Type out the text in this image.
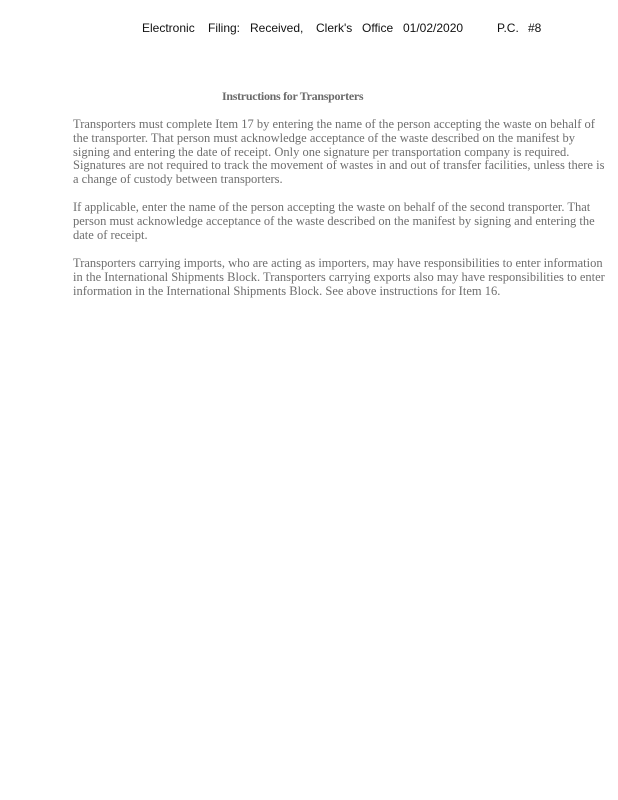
Electronic Filing: Received, Clerk's Office 01/02/2020	P.C. #8
Instructions for Transporters

Transporters must complete Item 17 by entering the name of the person accepting the waste on behalf of the transporter. That person must acknowledge acceptance of the waste described on the manifest by signing and entering the date of receipt. Only one signature per transportation company is required. Signatures are not required to track the movement of wastes in and out of transfer facilities, unless there is a change of custody between transporters.

If applicable, enter the name of the person accepting the waste on behalf of the second transporter. That person must acknowledge acceptance of the waste described on the manifest by signing and entering the date of receipt.

Transporters carrying imports, who are acting as importers, may have responsibilities to enter information in the International Shipments Block. Transporters carrying exports also may have responsibilities to enter information in the International Shipments Block. See above instructions for Item 16.
